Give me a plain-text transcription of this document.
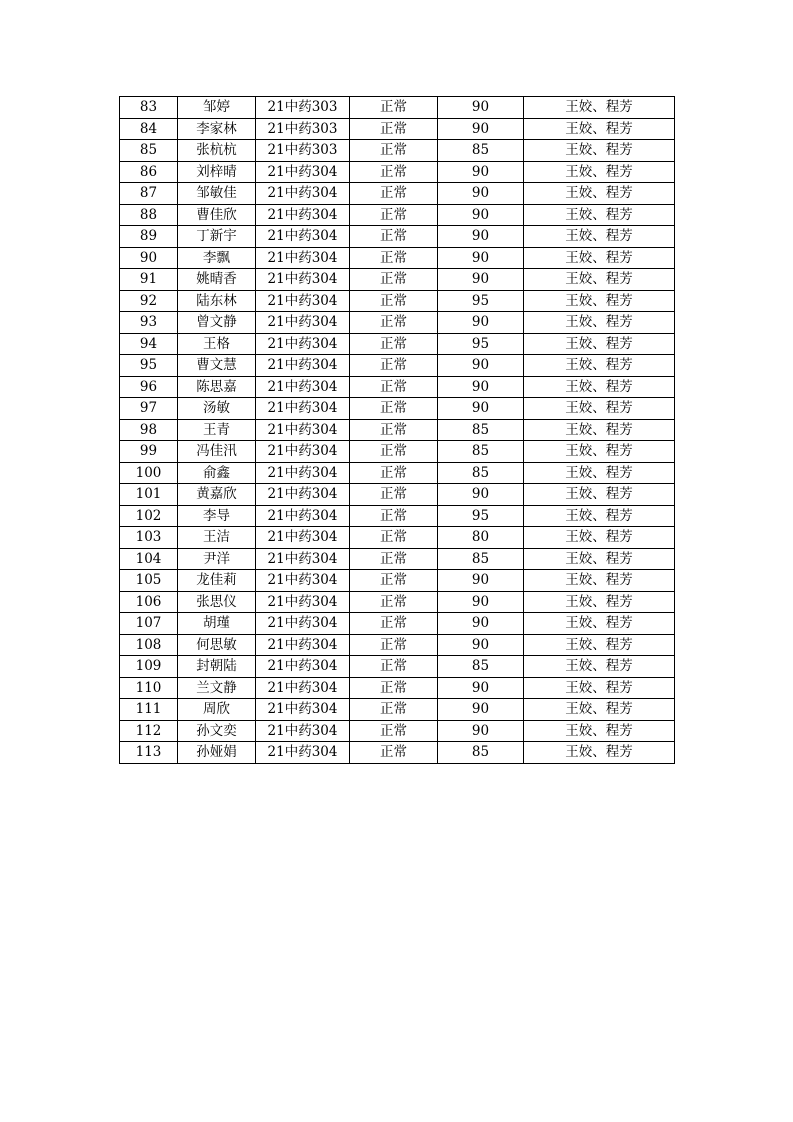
83	邹婷	21中药303	正常	90	王姣、程芳
84	李家林	21中药303	正常	90	王姣、程芳
85	张杭杭	21中药303	正常	85	王姣、程芳
86	刘梓晴	21中药304	正常	90	王姣、程芳
87	邹敏佳	21中药304	正常	90	王姣、程芳
88	曹佳欣	21中药304	正常	90	王姣、程芳
89	丁新宇	21中药304	正常	90	王姣、程芳
90	李飘	21中药304	正常	90	王姣、程芳
91	姚晴香	21中药304	正常	90	王姣、程芳
92	陆东林	21中药304	正常	95	王姣、程芳
93	曾文静	21中药304	正常	90	王姣、程芳
94	王格	21中药304	正常	95	王姣、程芳
95	曹文慧	21中药304	正常	90	王姣、程芳
96	陈思嘉	21中药304	正常	90	王姣、程芳
97	汤敏	21中药304	正常	90	王姣、程芳
98	王青	21中药304	正常	85	王姣、程芳
99	冯佳汛	21中药304	正常	85	王姣、程芳
100	俞鑫	21中药304	正常	85	王姣、程芳
101	黄嘉欣	21中药304	正常	90	王姣、程芳
102	李导	21中药304	正常	95	王姣、程芳
103	王洁	21中药304	正常	80	王姣、程芳
104	尹洋	21中药304	正常	85	王姣、程芳
105	龙佳莉	21中药304	正常	90	王姣、程芳
106	张思仪	21中药304	正常	90	王姣、程芳
107	胡瑾	21中药304	正常	90	王姣、程芳
108	何思敏	21中药304	正常	90	王姣、程芳
109	封朝陆	21中药304	正常	85	王姣、程芳
110	兰文静	21中药304	正常	90	王姣、程芳
111	周欣	21中药304	正常	90	王姣、程芳
112	孙文奕	21中药304	正常	90	王姣、程芳
113	孙娅娟	21中药304	正常	85	王姣、程芳
